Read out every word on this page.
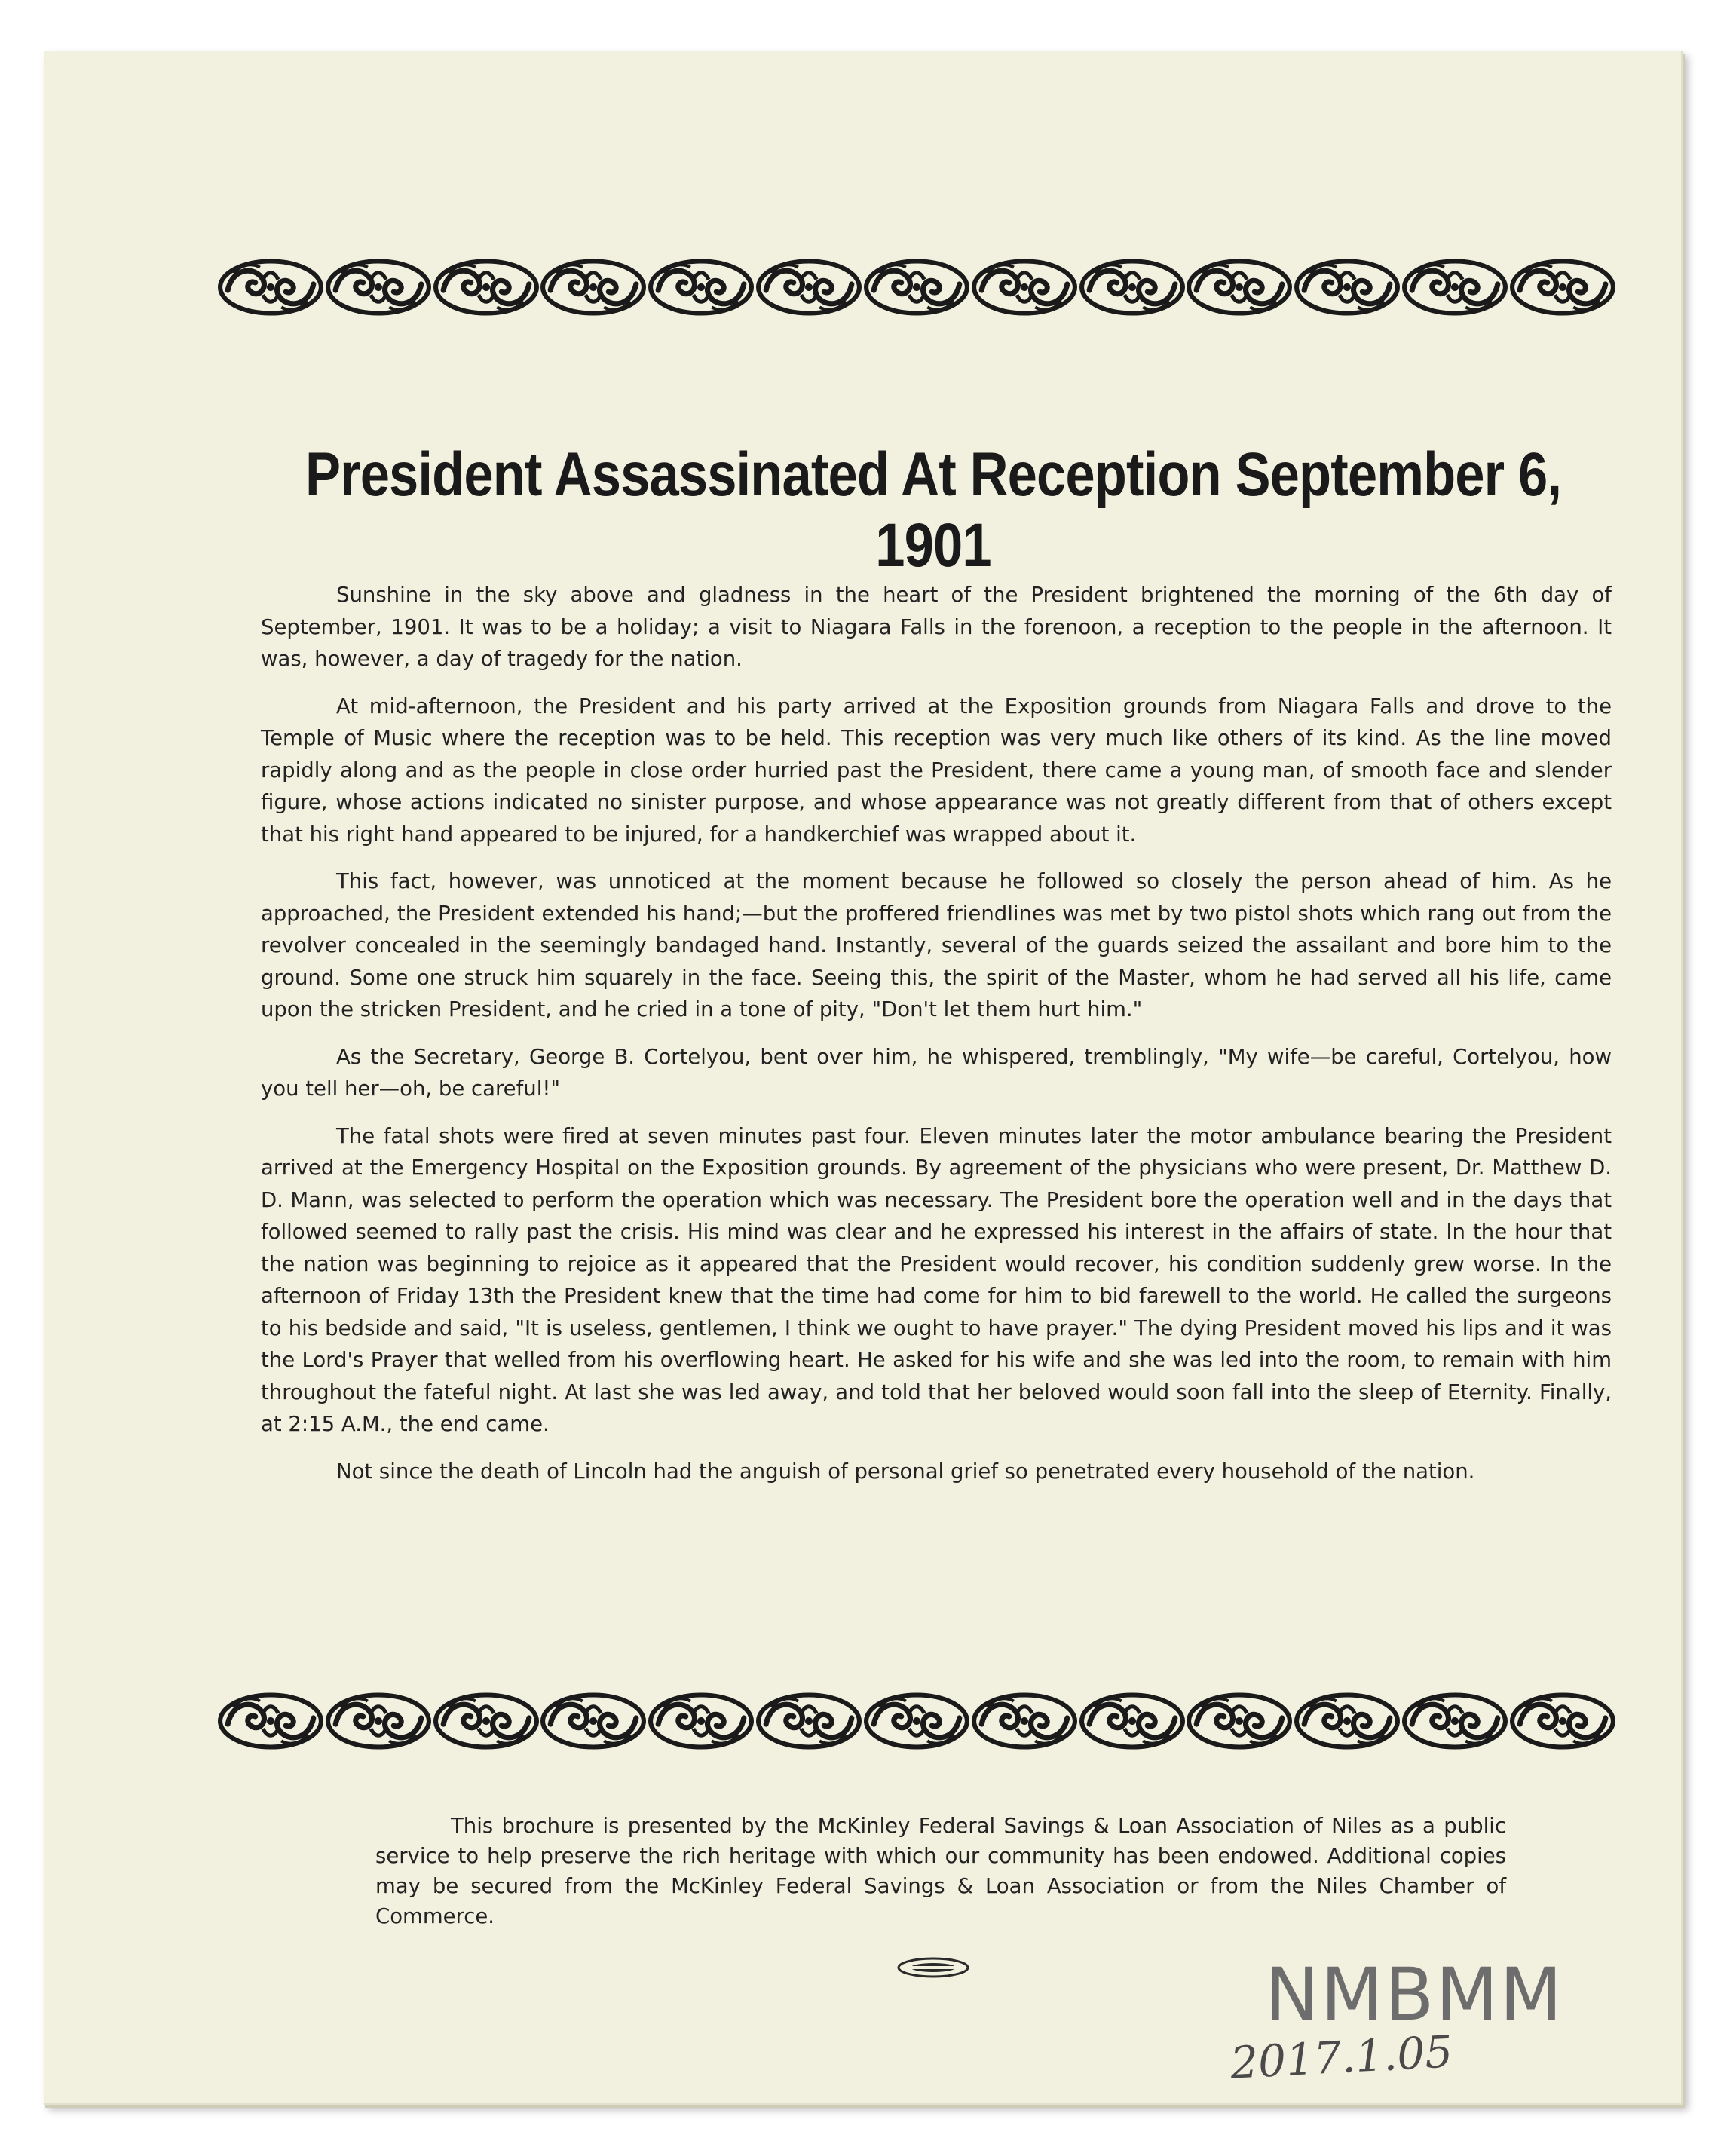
President Assassinated At Reception September 6, 1901

Sunshine in the sky above and gladness in the heart of the President brightened the morning of the 6th day of September, 1901. It was to be a holiday; a visit to Niagara Falls in the forenoon, a reception to the people in the afternoon. It was, however, a day of tragedy for the nation.

At mid-afternoon, the President and his party arrived at the Exposition grounds from Niagara Falls and drove to the Temple of Music where the reception was to be held. This reception was very much like others of its kind. As the line moved rapidly along and as the people in close order hurried past the President, there came a young man, of smooth face and slender figure, whose actions indicated no sinister purpose, and whose appearance was not greatly different from that of others except that his right hand appeared to be injured, for a handkerchief was wrapped about it.

This fact, however, was unnoticed at the moment because he followed so closely the person ahead of him. As he approached, the President extended his hand;—but the proffered friendlines was met by two pistol shots which rang out from the revolver concealed in the seemingly bandaged hand. Instantly, several of the guards seized the assailant and bore him to the ground. Some one struck him squarely in the face. Seeing this, the spirit of the Master, whom he had served all his life, came upon the stricken President, and he cried in a tone of pity, "Don't let them hurt him."

As the Secretary, George B. Cortelyou, bent over him, he whispered, tremblingly, "My wife—be careful, Cortelyou, how you tell her—oh, be careful!"

The fatal shots were fired at seven minutes past four. Eleven minutes later the motor ambulance bearing the President arrived at the Emergency Hospital on the Exposition grounds. By agreement of the physicians who were present, Dr. Matthew D. D. Mann, was selected to perform the operation which was necessary. The President bore the operation well and in the days that followed seemed to rally past the crisis. His mind was clear and he expressed his interest in the affairs of state. In the hour that the nation was beginning to rejoice as it appeared that the President would recover, his condition suddenly grew worse. In the afternoon of Friday 13th the President knew that the time had come for him to bid farewell to the world. He called the surgeons to his bedside and said, "It is useless, gentlemen, I think we ought to have prayer." The dying President moved his lips and it was the Lord's Prayer that welled from his overflowing heart. He asked for his wife and she was led into the room, to remain with him throughout the fateful night. At last she was led away, and told that her beloved would soon fall into the sleep of Eternity. Finally, at 2:15 A.M., the end came.

Not since the death of Lincoln had the anguish of personal grief so penetrated every household of the nation.

This brochure is presented by the McKinley Federal Savings & Loan Association of Niles as a public service to help preserve the rich heritage with which our community has been endowed. Additional copies may be secured from the McKinley Federal Savings & Loan Association or from the Niles Chamber of Commerce.

NMBMM

2017.1.05
